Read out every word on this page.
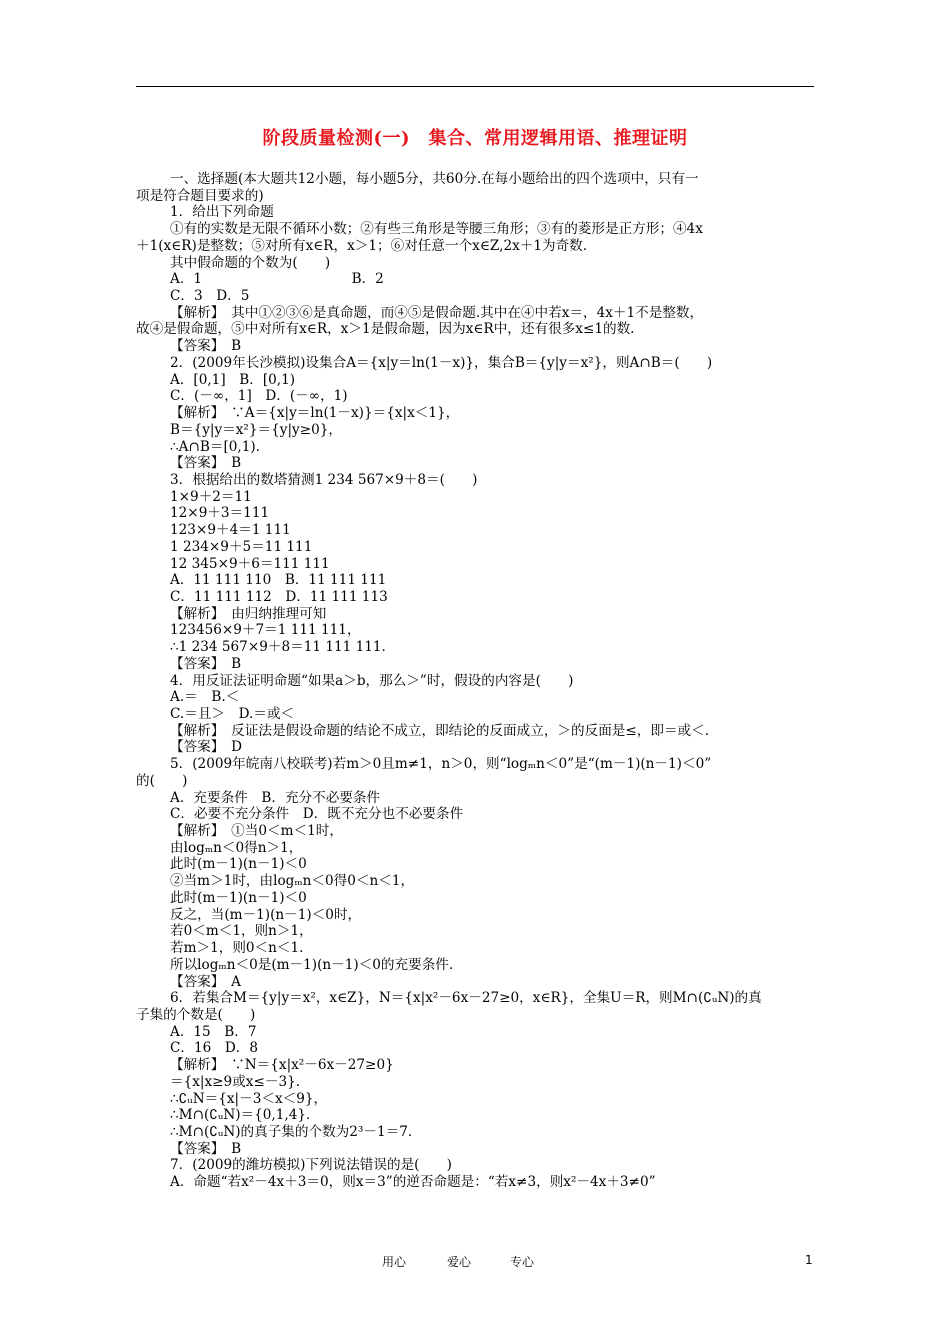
阶段质量检测(一)　集合、常用逻辑用语、推理证明
一、选择题(本大题共12小题，每小题5分，共60分.在每小题给出的四个选项中，只有一
项是符合题目要求的)
1．给出下列命题
①有的实数是无限不循环小数；②有些三角形是等腰三角形；③有的菱形是正方形；④4x
＋1(x∈R)是整数；⑤对所有x∈R，x＞1；⑥对任意一个x∈Z,2x＋1为奇数.
其中假命题的个数为(　　)
A．1　　　　　　　　　　　B．2
C．3　D．5
【解析】　其中①②③⑥是真命题，而④⑤是假命题.其中在④中若x＝，4x＋1不是整数，
故④是假命题，⑤中对所有x∈R，x＞1是假命题，因为x∈R中，还有很多x≤1的数.
【答案】　B
2．(2009年长沙模拟)设集合A＝{x|y＝ln(1－x)}，集合B＝{y|y＝x²}，则A∩B＝(　　)
A．[0,1]　B．[0,1)
C．(－∞，1]　D．(－∞，1)
【解析】　∵A＝{x|y＝ln(1－x)}＝{x|x＜1}，
B＝{y|y＝x²}＝{y|y≥0}，
∴A∩B＝[0,1).
【答案】　B
3．根据给出的数塔猜测1 234 567×9＋8＝(　　)
1×9＋2＝11
12×9＋3＝111
123×9＋4＝1 111
1 234×9＋5＝11 111
12 345×9＋6＝111 111
A．11 111 110　B．11 111 111
C．11 111 112　D．11 111 113
【解析】　由归纳推理可知
123456×9＋7＝1 111 111，
∴1 234 567×9＋8＝11 111 111.
【答案】　B
4．用反证法证明命题“如果a＞b，那么＞”时，假设的内容是(　　)
A.＝　B.＜
C.＝且＞　D.＝或＜
【解析】　反证法是假设命题的结论不成立，即结论的反面成立，＞的反面是≤，即＝或＜.
【答案】　D
5．(2009年皖南八校联考)若m＞0且m≠1，n＞0，则“logₘn＜0”是“(m－1)(n－1)＜0”
的(　　)
A．充要条件　B．充分不必要条件
C．必要不充分条件　D．既不充分也不必要条件
【解析】　①当0＜m＜1时，
由logₘn＜0得n＞1，
此时(m－1)(n－1)＜0
②当m＞1时，由logₘn＜0得0＜n＜1，
此时(m－1)(n－1)＜0
反之，当(m－1)(n－1)＜0时，
若0＜m＜1，则n＞1，
若m＞1，则0＜n＜1.
所以logₘn＜0是(m－1)(n－1)＜0的充要条件.
【答案】　A
6．若集合M＝{y|y＝x²，x∈Z}，N＝{x|x²－6x－27≥0，x∈R}，全集U＝R，则M∩(∁ᵤN)的真
子集的个数是(　　)
A．15　B．7
C．16　D．8
【解析】　∵N＝{x|x²－6x－27≥0}
＝{x|x≥9或x≤－3}.
∴∁ᵤN＝{x|－3＜x＜9}，
∴M∩(∁ᵤN)＝{0,1,4}.
∴M∩(∁ᵤN)的真子集的个数为2³－1＝7.
【答案】　B
7．(2009的潍坊模拟)下列说法错误的是(　　)
A．命题“若x²－4x＋3＝0，则x＝3”的逆否命题是：“若x≠3，则x²－4x＋3≠0”
用心	爱心	专心	1
